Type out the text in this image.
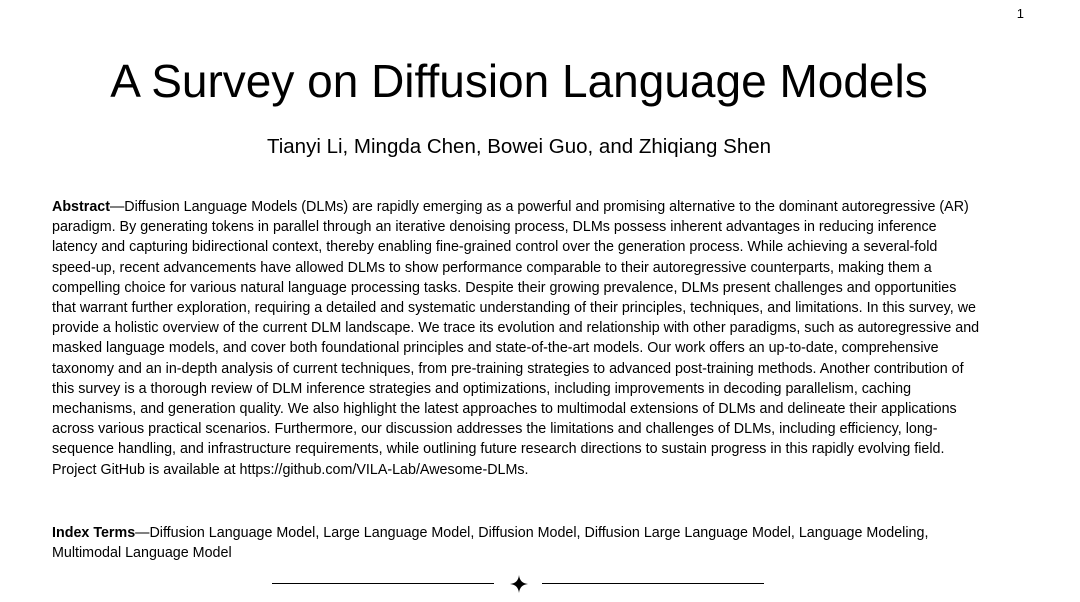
1
A Survey on Diffusion Language Models
Tianyi Li, Mingda Chen, Bowei Guo, and Zhiqiang Shen

Abstract—Diffusion Language Models (DLMs) are rapidly emerging as a powerful and promising alternative to the dominant autoregressive (AR) paradigm. By generating tokens in parallel through an iterative denoising process, DLMs possess inherent advantages in reducing inference latency and capturing bidirectional context, thereby enabling fine-grained control over the generation process. While achieving a several-fold speed-up, recent advancements have allowed DLMs to show performance comparable to their autoregressive counterparts, making them a compelling choice for various natural language processing tasks. Despite their growing prevalence, DLMs present challenges and opportunities that warrant further exploration, requiring a detailed and systematic understanding of their principles, techniques, and limitations. In this survey, we provide a holistic overview of the current DLM landscape. We trace its evolution and relationship with other paradigms, such as autoregressive and masked language models, and cover both foundational principles and state-of-the-art models. Our work offers an up-to-date, comprehensive taxonomy and an in-depth analysis of current techniques, from pre-training strategies to advanced post-training methods. Another contribution of this survey is a thorough review of DLM inference strategies and optimizations, including improvements in decoding parallelism, caching mechanisms, and generation quality. We also highlight the latest approaches to multimodal extensions of DLMs and delineate their applications across various practical scenarios. Furthermore, our discussion addresses the limitations and challenges of DLMs, including efficiency, long-sequence handling, and infrastructure requirements, while outlining future research directions to sustain progress in this rapidly evolving field. Project GitHub is available at https://github.com/VILA-Lab/Awesome-DLMs.

Index Terms—Diffusion Language Model, Large Language Model, Diffusion Model, Diffusion Large Language Model, Language Modeling, Multimodal Language Model
